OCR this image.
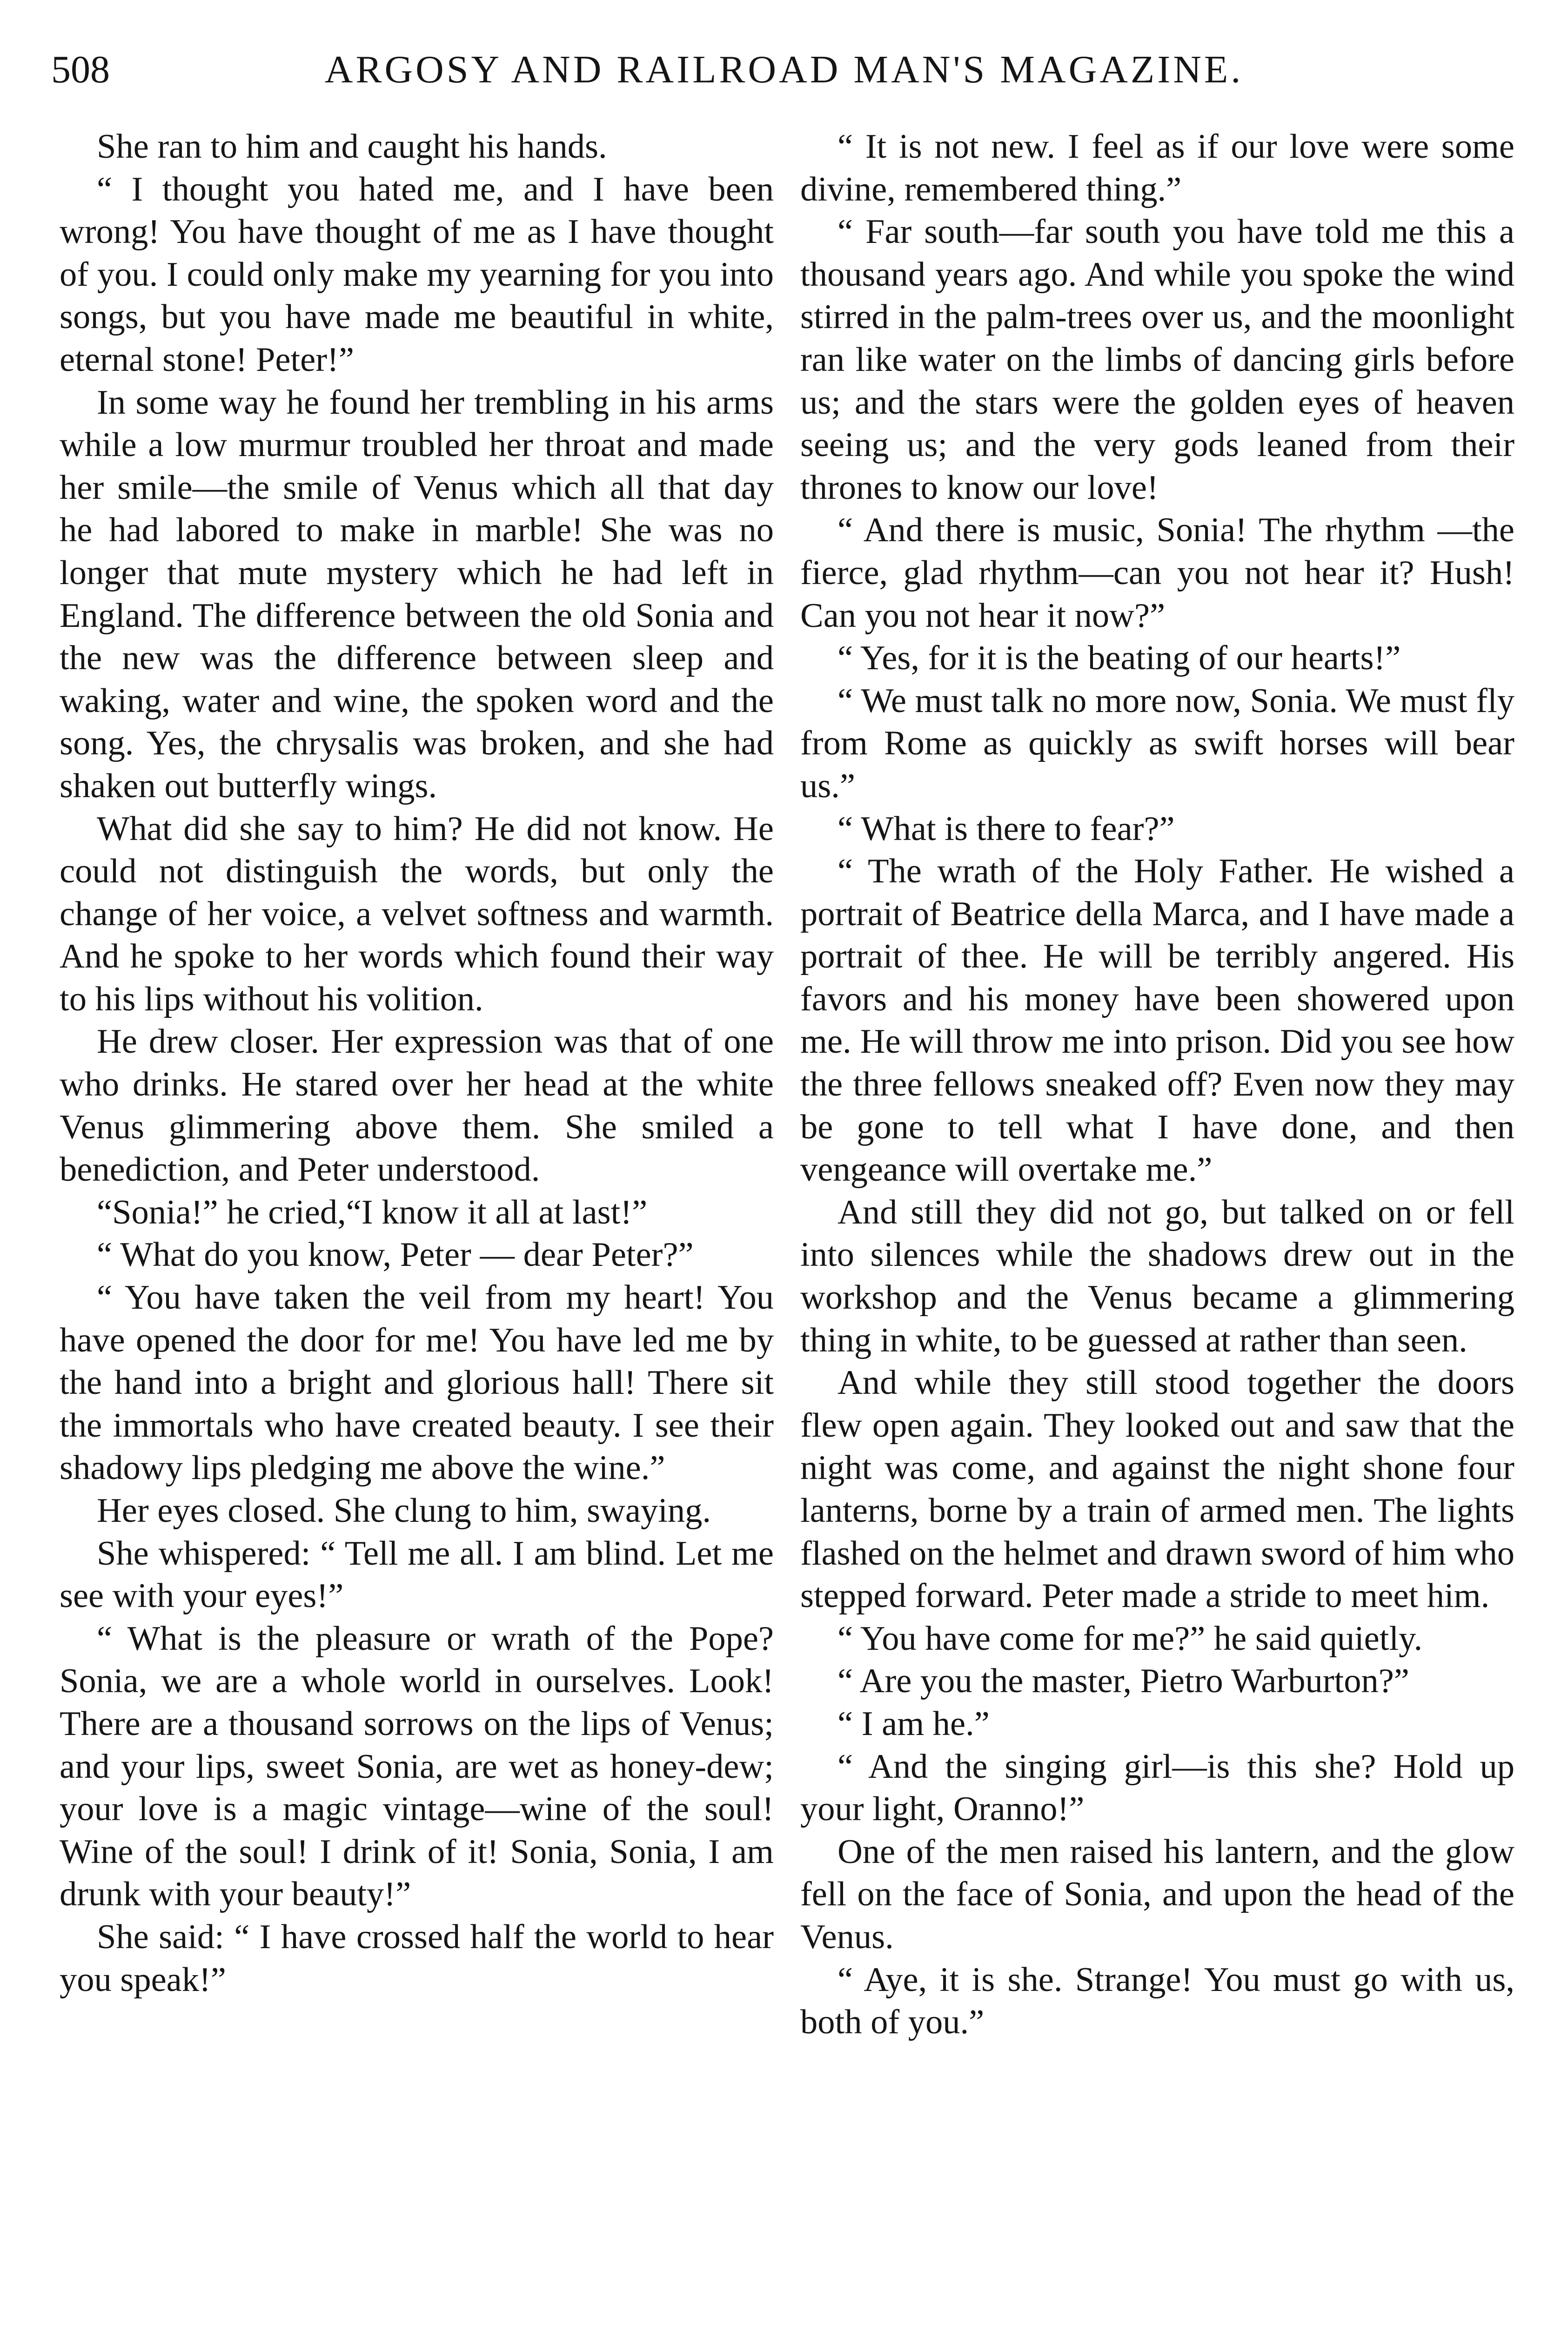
508	ARGOSY AND RAILROAD MAN'S MAGAZINE.

She ran to him and caught his hands.

“ I thought you hated me, and I have been wrong! You have thought of me as I have thought of you. I could only make my yearning for you into songs, but you have made me beautiful in white, eternal stone! Peter!”

In some way he found her trembling in his arms while a low murmur troubled her throat and made her smile—the smile of Venus which all that day he had labored to make in marble! She was no longer that mute mystery which he had left in England. The difference between the old Sonia and the new was the difference between sleep and waking, water and wine, the spoken word and the song. Yes, the chrysalis was broken, and she had shaken out butterfly wings.

What did she say to him? He did not know. He could not distinguish the words, but only the change of her voice, a velvet softness and warmth. And he spoke to her words which found their way to his lips without his volition.

He drew closer. Her expression was that of one who drinks. He stared over her head at the white Venus glimmering above them. She smiled a benediction, and Peter understood.

“Sonia!” he cried,“I know it all at last!”

“ What do you know, Peter — dear Peter?”

“ You have taken the veil from my heart! You have opened the door for me! You have led me by the hand into a bright and glorious hall! There sit the immortals who have created beauty. I see their shadowy lips pledging me above the wine.”

Her eyes closed. She clung to him, swaying.

She whispered: “ Tell me all. I am blind. Let me see with your eyes!”

“ What is the pleasure or wrath of the Pope? Sonia, we are a whole world in ourselves. Look! There are a thousand sorrows on the lips of Venus; and your lips, sweet Sonia, are wet as honey-dew; your love is a magic vintage—wine of the soul! Wine of the soul! I drink of it! Sonia, Sonia, I am drunk with your beauty!”

She said: “ I have crossed half the world to hear you speak!”

“ It is not new. I feel as if our love were some divine, remembered thing.”

“ Far south—far south you have told me this a thousand years ago. And while you spoke the wind stirred in the palm-trees over us, and the moonlight ran like water on the limbs of dancing girls before us; and the stars were the golden eyes of heaven seeing us; and the very gods leaned from their thrones to know our love!

“ And there is music, Sonia! The rhythm —the fierce, glad rhythm—can you not hear it? Hush! Can you not hear it now?”

“ Yes, for it is the beating of our hearts!”

“ We must talk no more now, Sonia. We must fly from Rome as quickly as swift horses will bear us.”

“ What is there to fear?”

“ The wrath of the Holy Father. He wished a portrait of Beatrice della Marca, and I have made a portrait of thee. He will be terribly angered. His favors and his money have been showered upon me. He will throw me into prison. Did you see how the three fellows sneaked off? Even now they may be gone to tell what I have done, and then vengeance will overtake me.”

And still they did not go, but talked on or fell into silences while the shadows drew out in the workshop and the Venus became a glimmering thing in white, to be guessed at rather than seen.

And while they still stood together the doors flew open again. They looked out and saw that the night was come, and against the night shone four lanterns, borne by a train of armed men. The lights flashed on the helmet and drawn sword of him who stepped forward. Peter made a stride to meet him.

“ You have come for me?” he said quietly.

“ Are you the master, Pietro Warburton?”

“ I am he.”

“ And the singing girl—is this she? Hold up your light, Oranno!”

One of the men raised his lantern, and the glow fell on the face of Sonia, and upon the head of the Venus.

“ Aye, it is she. Strange! You must go with us, both of you.”
